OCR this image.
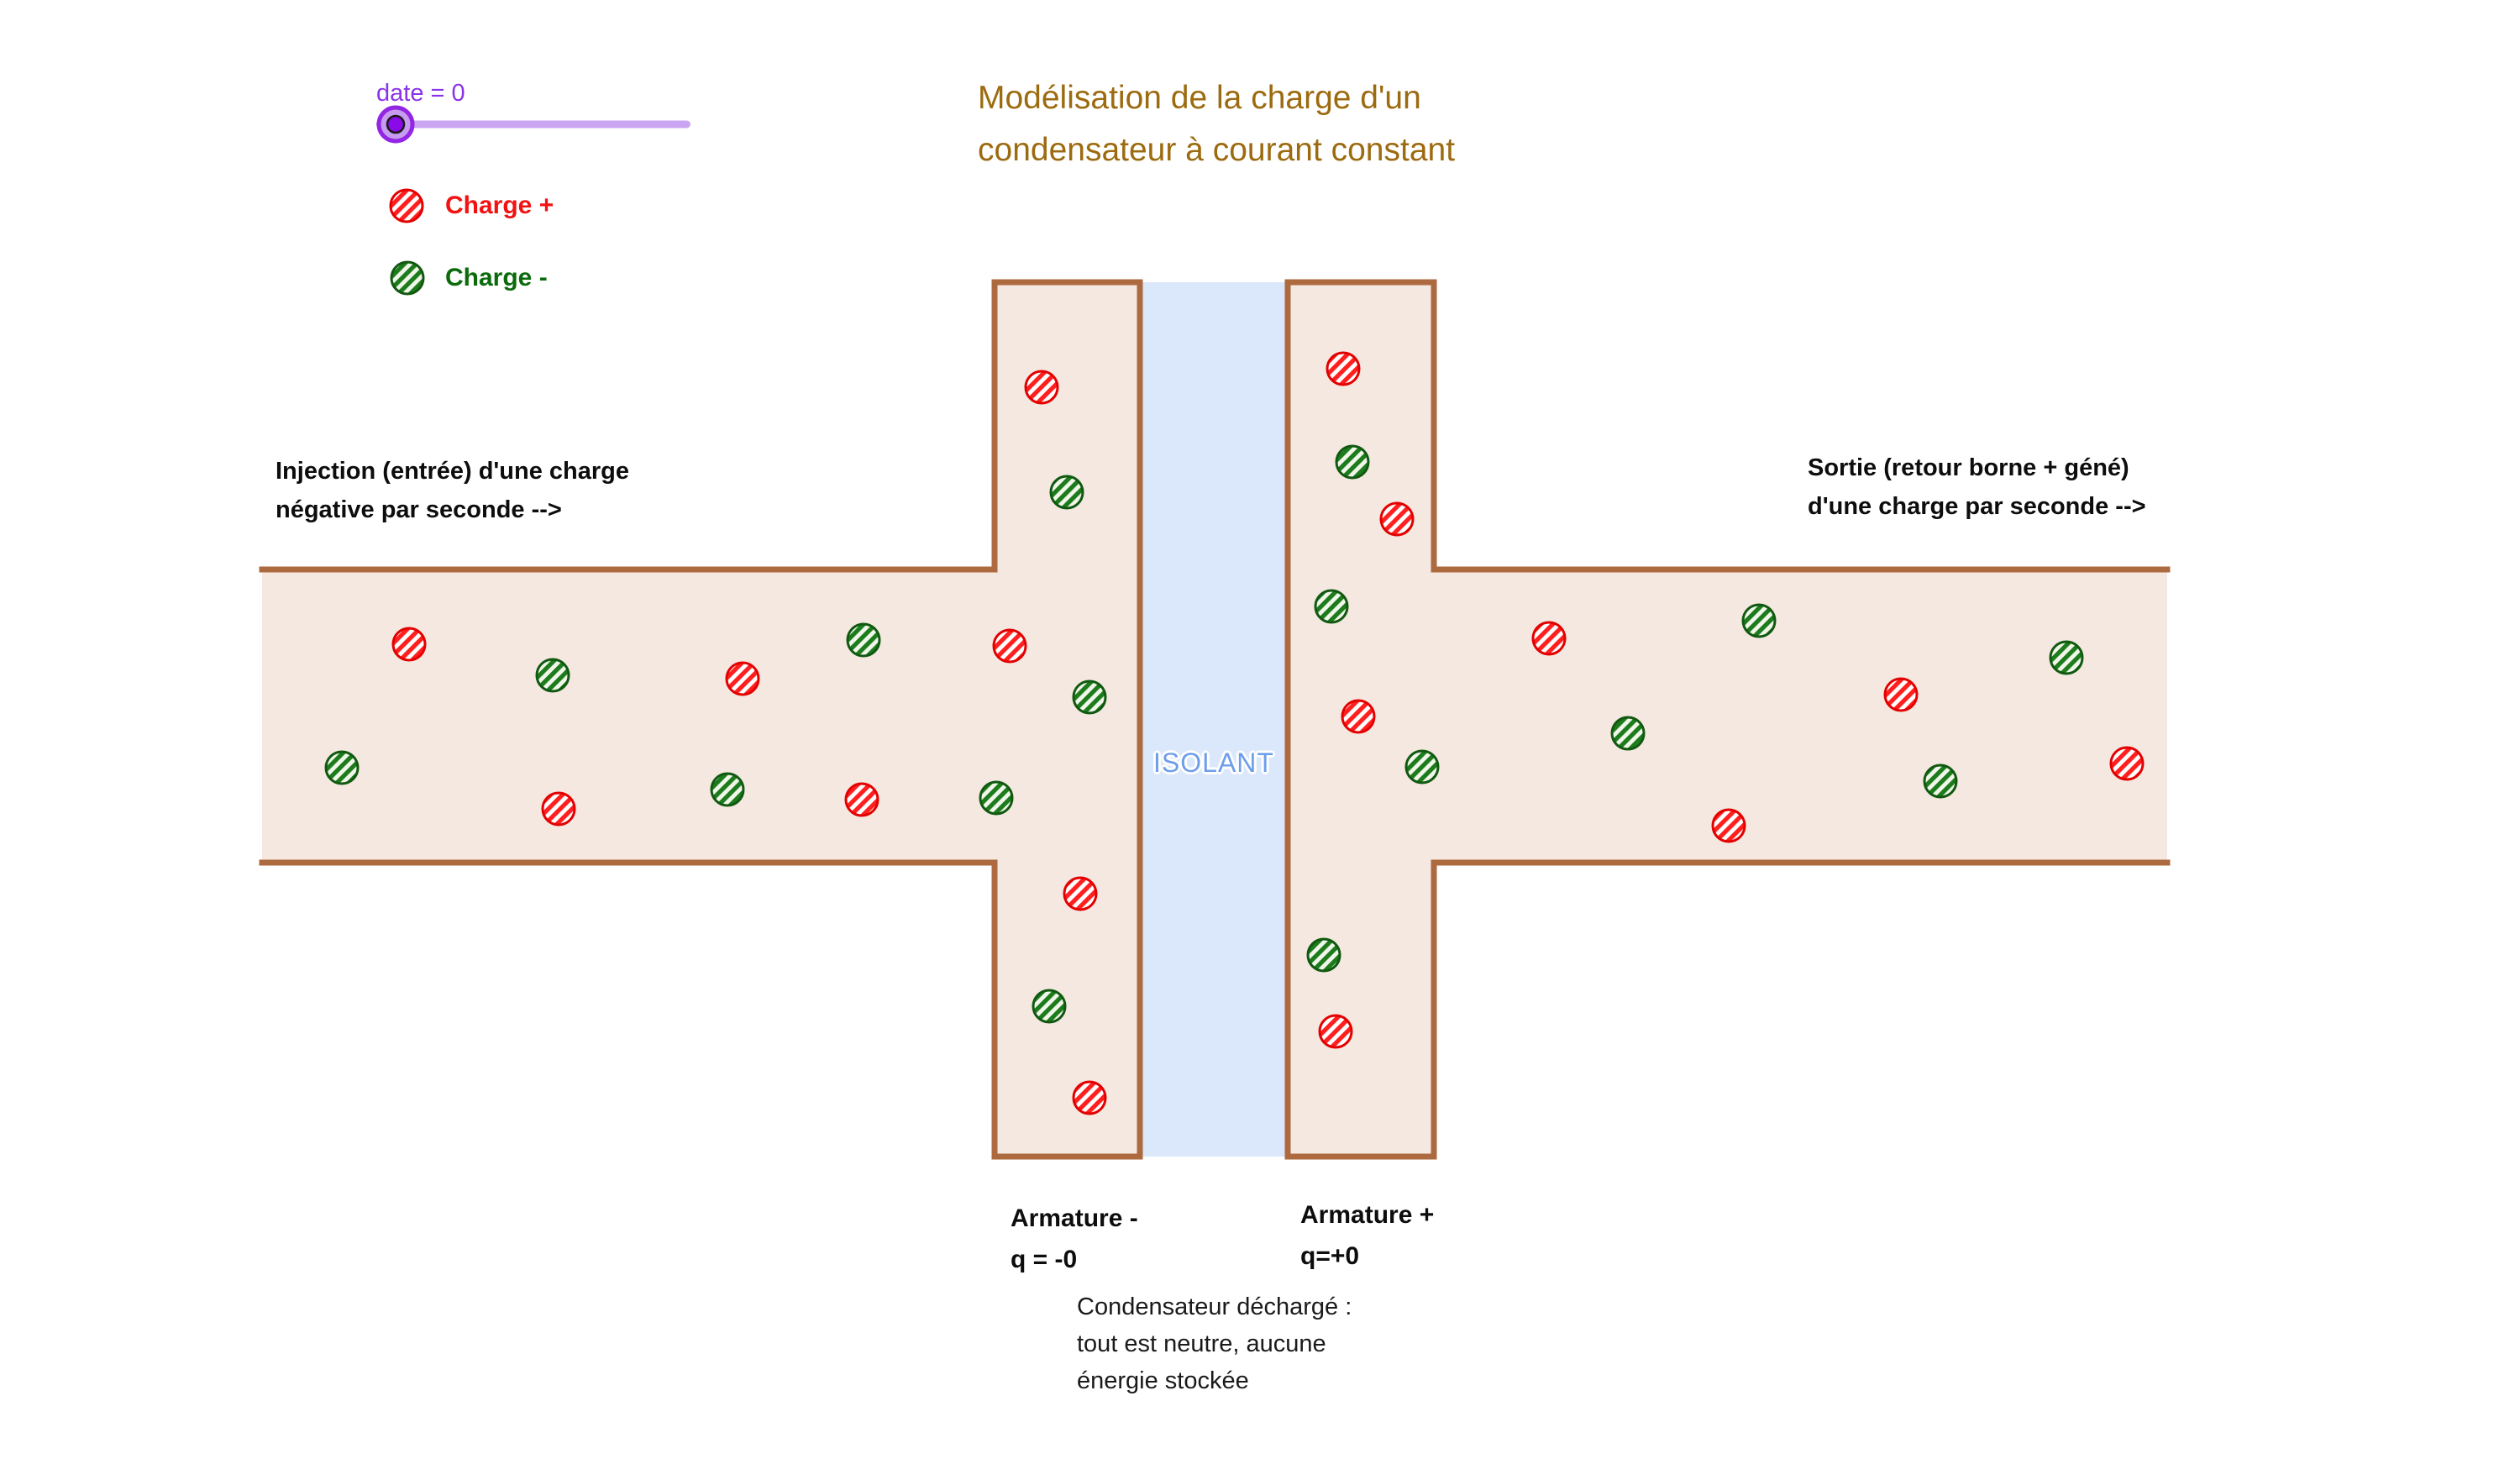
date = 0
Charge +
Charge -
Modélisation de la charge d'un
condensateur à courant constant
Injection (entrée) d'une charge
négative par seconde -->
Sortie (retour borne + géné)
d'une charge par seconde -->
ISOLANT
Armature -
q = -0
Armature +
q=+0
Condensateur déchargé :
tout est neutre, aucune
énergie stockée
